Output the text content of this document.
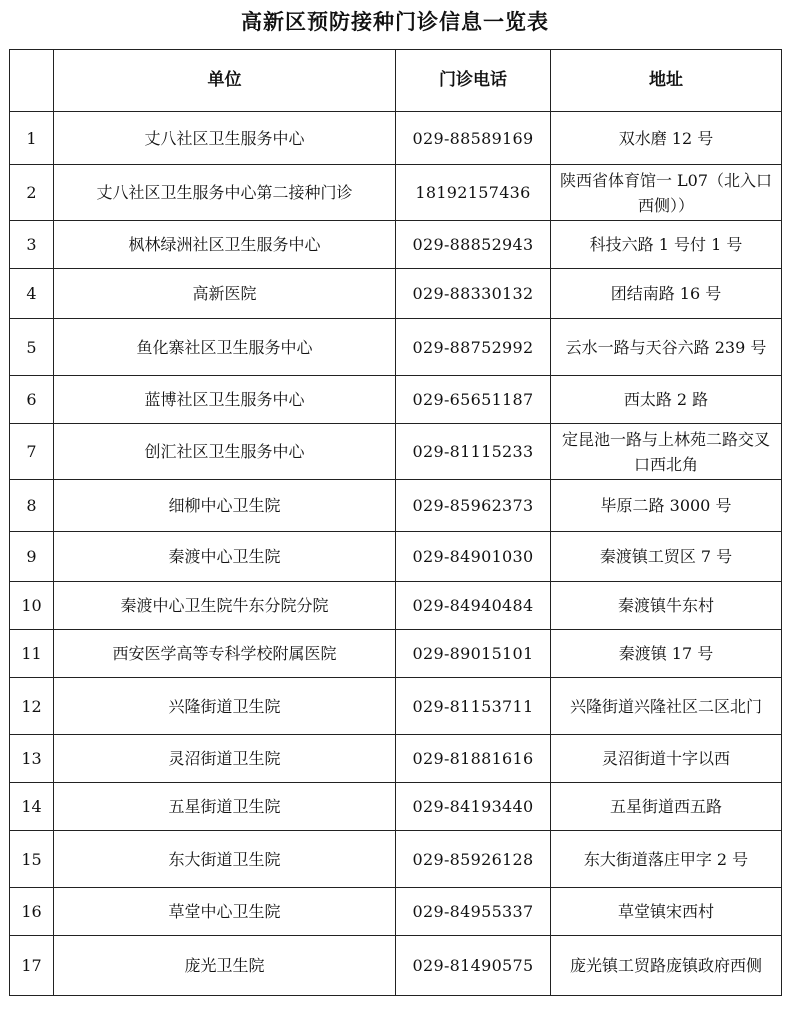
高新区预防接种门诊信息一览表
	单位	门诊电话	地址
1	丈八社区卫生服务中心	029-88589169	双水磨 12 号
2	丈八社区卫生服务中心第二接种门诊	18192157436	陕西省体育馆一 L07（北入口西侧））
3	枫林绿洲社区卫生服务中心	029-88852943	科技六路 1 号付 1 号
4	高新医院	029-88330132	团结南路 16 号
5	鱼化寨社区卫生服务中心	029-88752992	云水一路与天谷六路 239 号
6	蓝博社区卫生服务中心	029-65651187	西太路 2 路
7	创汇社区卫生服务中心	029-81115233	定昆池一路与上林苑二路交叉口西北角
8	细柳中心卫生院	029-85962373	毕原二路 3000 号
9	秦渡中心卫生院	029-84901030	秦渡镇工贸区 7 号
10	秦渡中心卫生院牛东分院分院	029-84940484	秦渡镇牛东村
11	西安医学高等专科学校附属医院	029-89015101	秦渡镇 17 号
12	兴隆街道卫生院	029-81153711	兴隆街道兴隆社区二区北门
13	灵沼街道卫生院	029-81881616	灵沼街道十字以西
14	五星街道卫生院	029-84193440	五星街道西五路
15	东大街道卫生院	029-85926128	东大街道落庄甲字 2 号
16	草堂中心卫生院	029-84955337	草堂镇宋西村
17	庞光卫生院	029-81490575	庞光镇工贸路庞镇政府西侧
